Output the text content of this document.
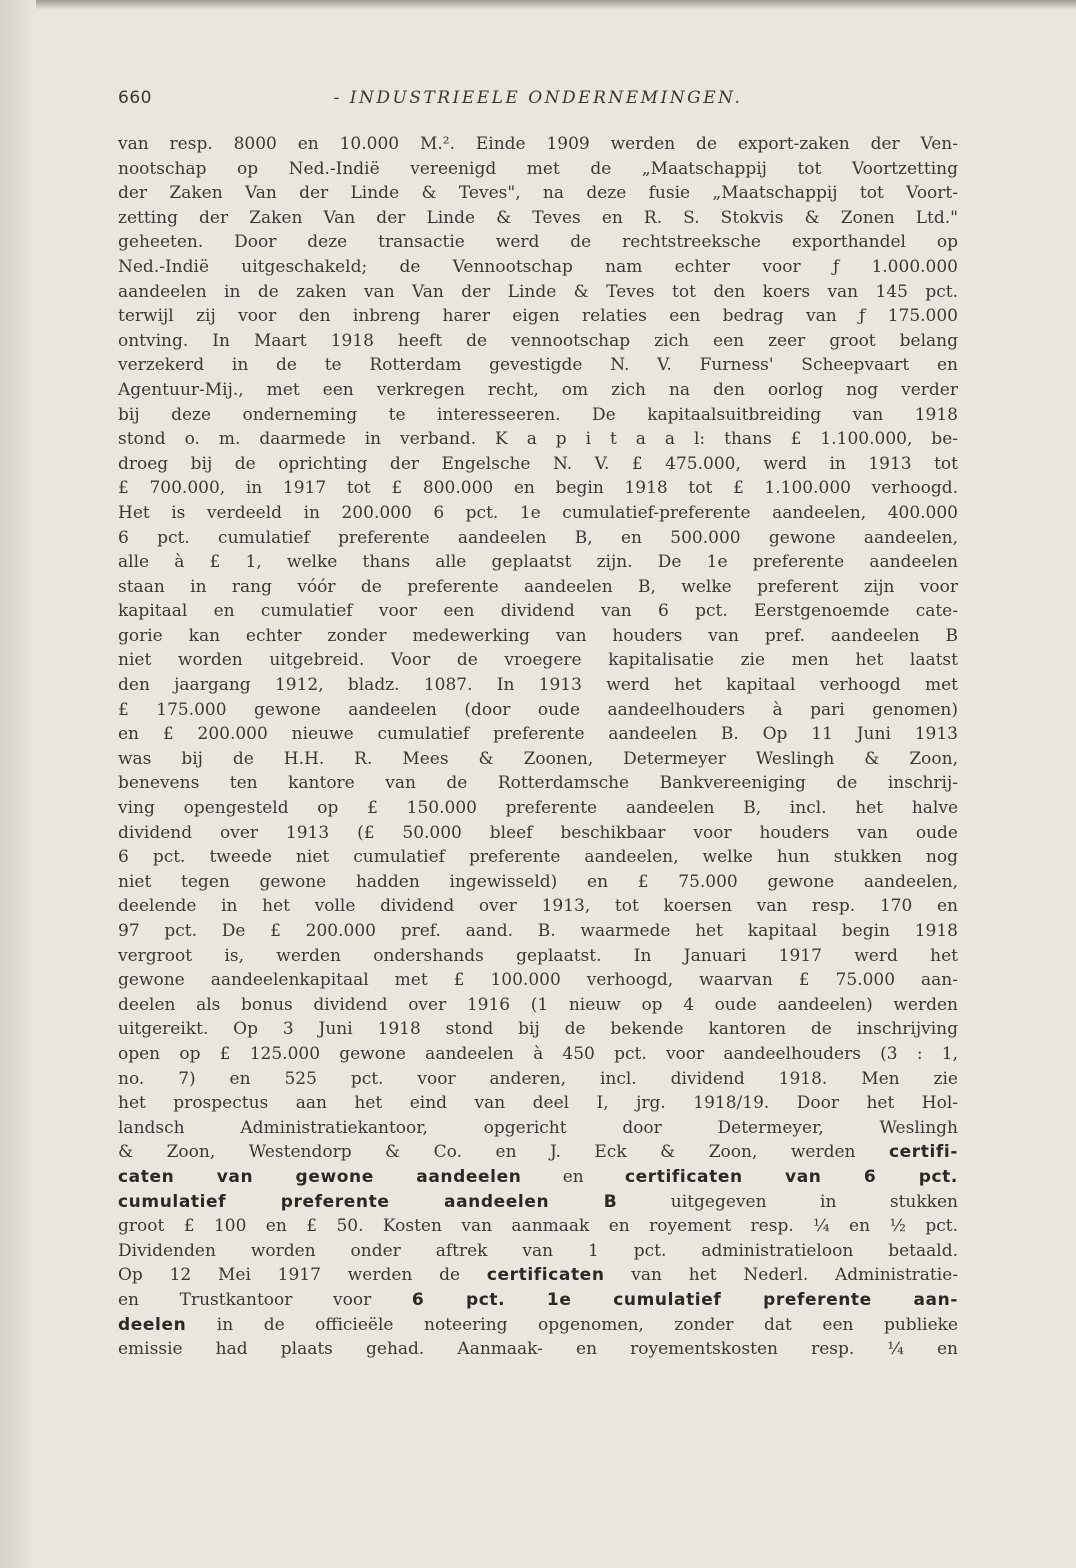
660	- INDUSTRIEELE ONDERNEMINGEN.
van resp. 8000 en 10.000 M.². Einde 1909 werden de export-zaken der Ven-
nootschap op Ned.-Indië vereenigd met de „Maatschappij tot Voortzetting
der Zaken Van der Linde & Teves", na deze fusie „Maatschappij tot Voort-
zetting der Zaken Van der Linde & Teves en R. S. Stokvis & Zonen Ltd."
geheeten. Door deze transactie werd de rechtstreeksche exporthandel op
Ned.-Indië uitgeschakeld; de Vennootschap nam echter voor ƒ 1.000.000
aandeelen in de zaken van Van der Linde & Teves tot den koers van 145 pct.
terwijl zij voor den inbreng harer eigen relaties een bedrag van ƒ 175.000
ontving. In Maart 1918 heeft de vennootschap zich een zeer groot belang
verzekerd in de te Rotterdam gevestigde N. V. Furness' Scheepvaart en
Agentuur-Mij., met een verkregen recht, om zich na den oorlog nog verder
bij deze onderneming te interesseeren. De kapitaalsuitbreiding van 1918
stond o. m. daarmede in verband. K a p i t a a l: thans £ 1.100.000, be-
droeg bij de oprichting der Engelsche N. V. £ 475.000, werd in 1913 tot
£ 700.000, in 1917 tot £ 800.000 en begin 1918 tot £ 1.100.000 verhoogd.
Het is verdeeld in 200.000 6 pct. 1e cumulatief-preferente aandeelen, 400.000
6 pct. cumulatief preferente aandeelen B, en 500.000 gewone aandeelen,
alle à £ 1, welke thans alle geplaatst zijn. De 1e preferente aandeelen
staan in rang vóór de preferente aandeelen B, welke preferent zijn voor
kapitaal en cumulatief voor een dividend van 6 pct. Eerstgenoemde cate-
gorie kan echter zonder medewerking van houders van pref. aandeelen B
niet worden uitgebreid. Voor de vroegere kapitalisatie zie men het laatst
den jaargang 1912, bladz. 1087. In 1913 werd het kapitaal verhoogd met
£ 175.000 gewone aandeelen (door oude aandeelhouders à pari genomen)
en £ 200.000 nieuwe cumulatief preferente aandeelen B. Op 11 Juni 1913
was bij de H.H. R. Mees & Zoonen, Determeyer Weslingh & Zoon,
benevens ten kantore van de Rotterdamsche Bankvereeniging de inschrij-
ving opengesteld op £ 150.000 preferente aandeelen B, incl. het halve
dividend over 1913 (£ 50.000 bleef beschikbaar voor houders van oude
6 pct. tweede niet cumulatief preferente aandeelen, welke hun stukken nog
niet tegen gewone hadden ingewisseld) en £ 75.000 gewone aandeelen,
deelende in het volle dividend over 1913, tot koersen van resp. 170 en
97 pct. De £ 200.000 pref. aand. B. waarmede het kapitaal begin 1918
vergroot is, werden ondershands geplaatst. In Januari 1917 werd het
gewone aandeelenkapitaal met £ 100.000 verhoogd, waarvan £ 75.000 aan-
deelen als bonus dividend over 1916 (1 nieuw op 4 oude aandeelen) werden
uitgereikt. Op 3 Juni 1918 stond bij de bekende kantoren de inschrijving
open op £ 125.000 gewone aandeelen à 450 pct. voor aandeelhouders (3 : 1,
no. 7) en 525 pct. voor anderen, incl. dividend 1918. Men zie
het prospectus aan het eind van deel I, jrg. 1918/19. Door het Hol-
landsch Administratiekantoor, opgericht door Determeyer, Weslingh
& Zoon, Westendorp & Co. en J. Eck & Zoon, werden certifi-
caten van gewone aandeelen en certificaten van 6 pct.
cumulatief preferente aandeelen B uitgegeven in stukken
groot £ 100 en £ 50. Kosten van aanmaak en royement resp. ¼ en ½ pct.
Dividenden worden onder aftrek van 1 pct. administratieloon betaald.
Op 12 Mei 1917 werden de certificaten van het Nederl. Administratie-
en Trustkantoor voor 6 pct. 1e cumulatief preferente aan-
deelen in de officieële noteering opgenomen, zonder dat een publieke
emissie had plaats gehad. Aanmaak- en royementskosten resp. ¼ en
